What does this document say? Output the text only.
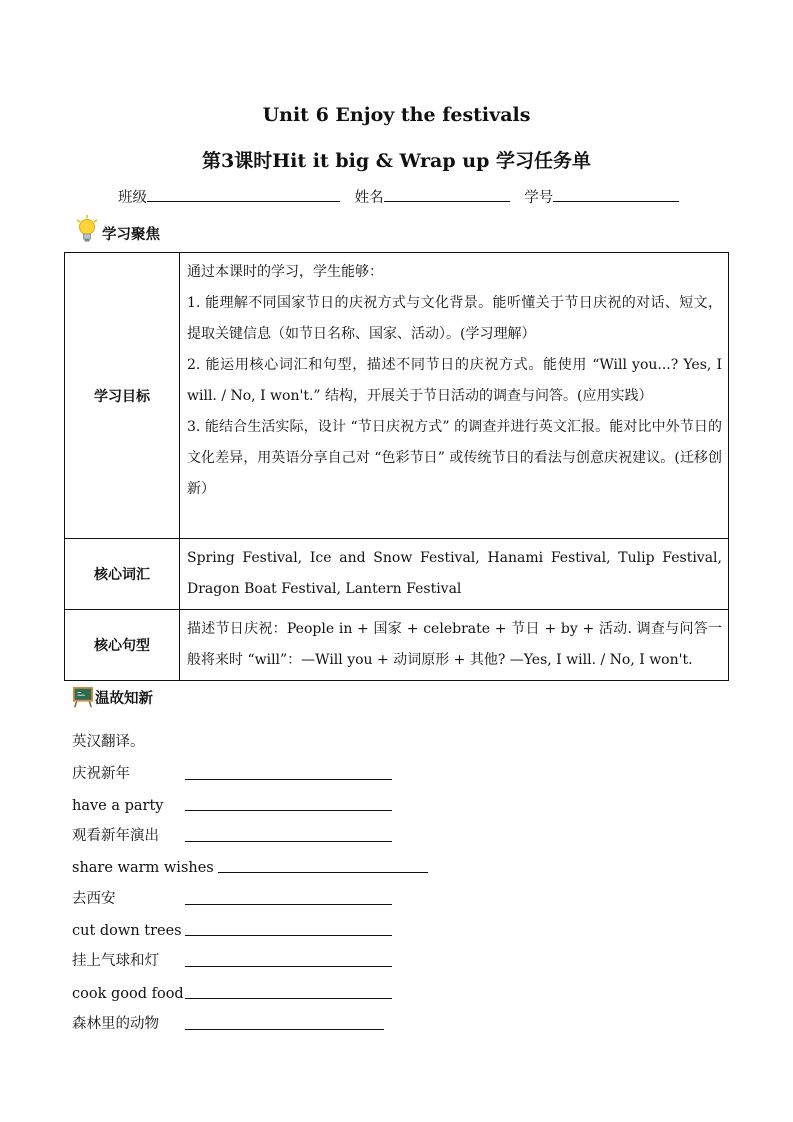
Unit 6 Enjoy the festivals
第3课时Hit it big & Wrap up 学习任务单
班级	姓名	学号
学习聚焦
学习目标	通过本课时的学习，学生能够：
1. 能理解不同国家节日的庆祝方式与文化背景。能听懂关于节日庆祝的对话、短文，提取关键信息（如节日名称、国家、活动）。(学习理解）
2. 能运用核心词汇和句型，描述不同节日的庆祝方式。能使用 “Will you...? Yes, I will. / No, I won't.” 结构，开展关于节日活动的调查与问答。(应用实践）
3. 能结合生活实际，设计 “节日庆祝方式” 的调查并进行英文汇报。能对比中外节日的文化差异，用英语分享自己对 “色彩节日” 或传统节日的看法与创意庆祝建议。(迁移创新）

核心词汇	Spring Festival, Ice and Snow Festival, Hanami Festival, Tulip Festival, Dragon Boat Festival, Lantern Festival
核心句型	描述节日庆祝：People in + 国家 + celebrate + 节日 + by + 活动. 调查与问答一般将来时 “will”：—Will you + 动词原形 + 其他? —Yes, I will. / No, I won't.
温故知新
英汉翻译。
庆祝新年
have a party
观看新年演出
share warm wishes
去西安
cut down trees
挂上气球和灯
cook good food
森林里的动物
